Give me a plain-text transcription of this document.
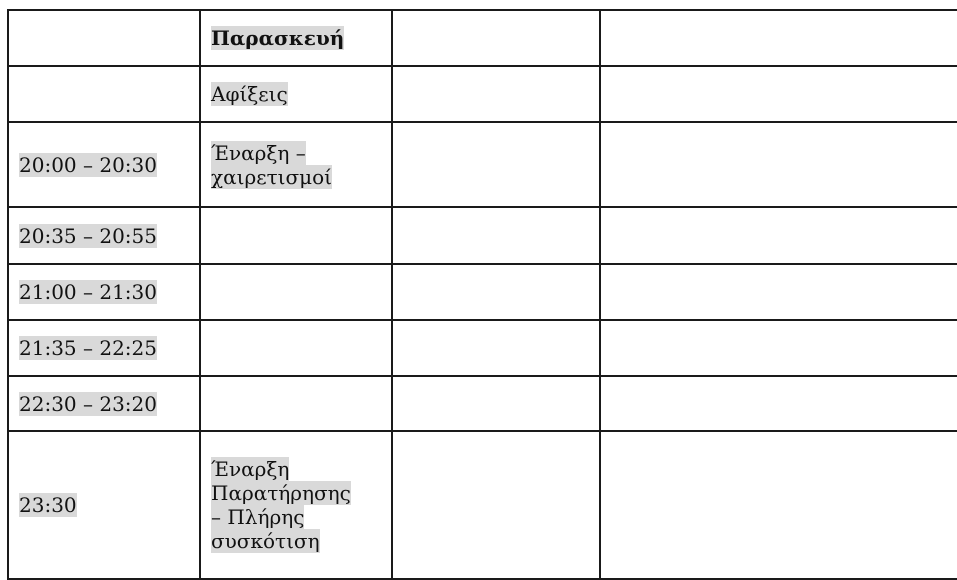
	Παρασκευή		
	Αφίξεις		
20:00 – 20:30	Έναρξη –
χαιρετισμοί		
20:35 – 20:55			
21:00 – 21:30			
21:35 – 22:25			
22:30 – 23:20			
23:30	Έναρξη
Παρατήρησης
– Πλήρης
συσκότιση		
